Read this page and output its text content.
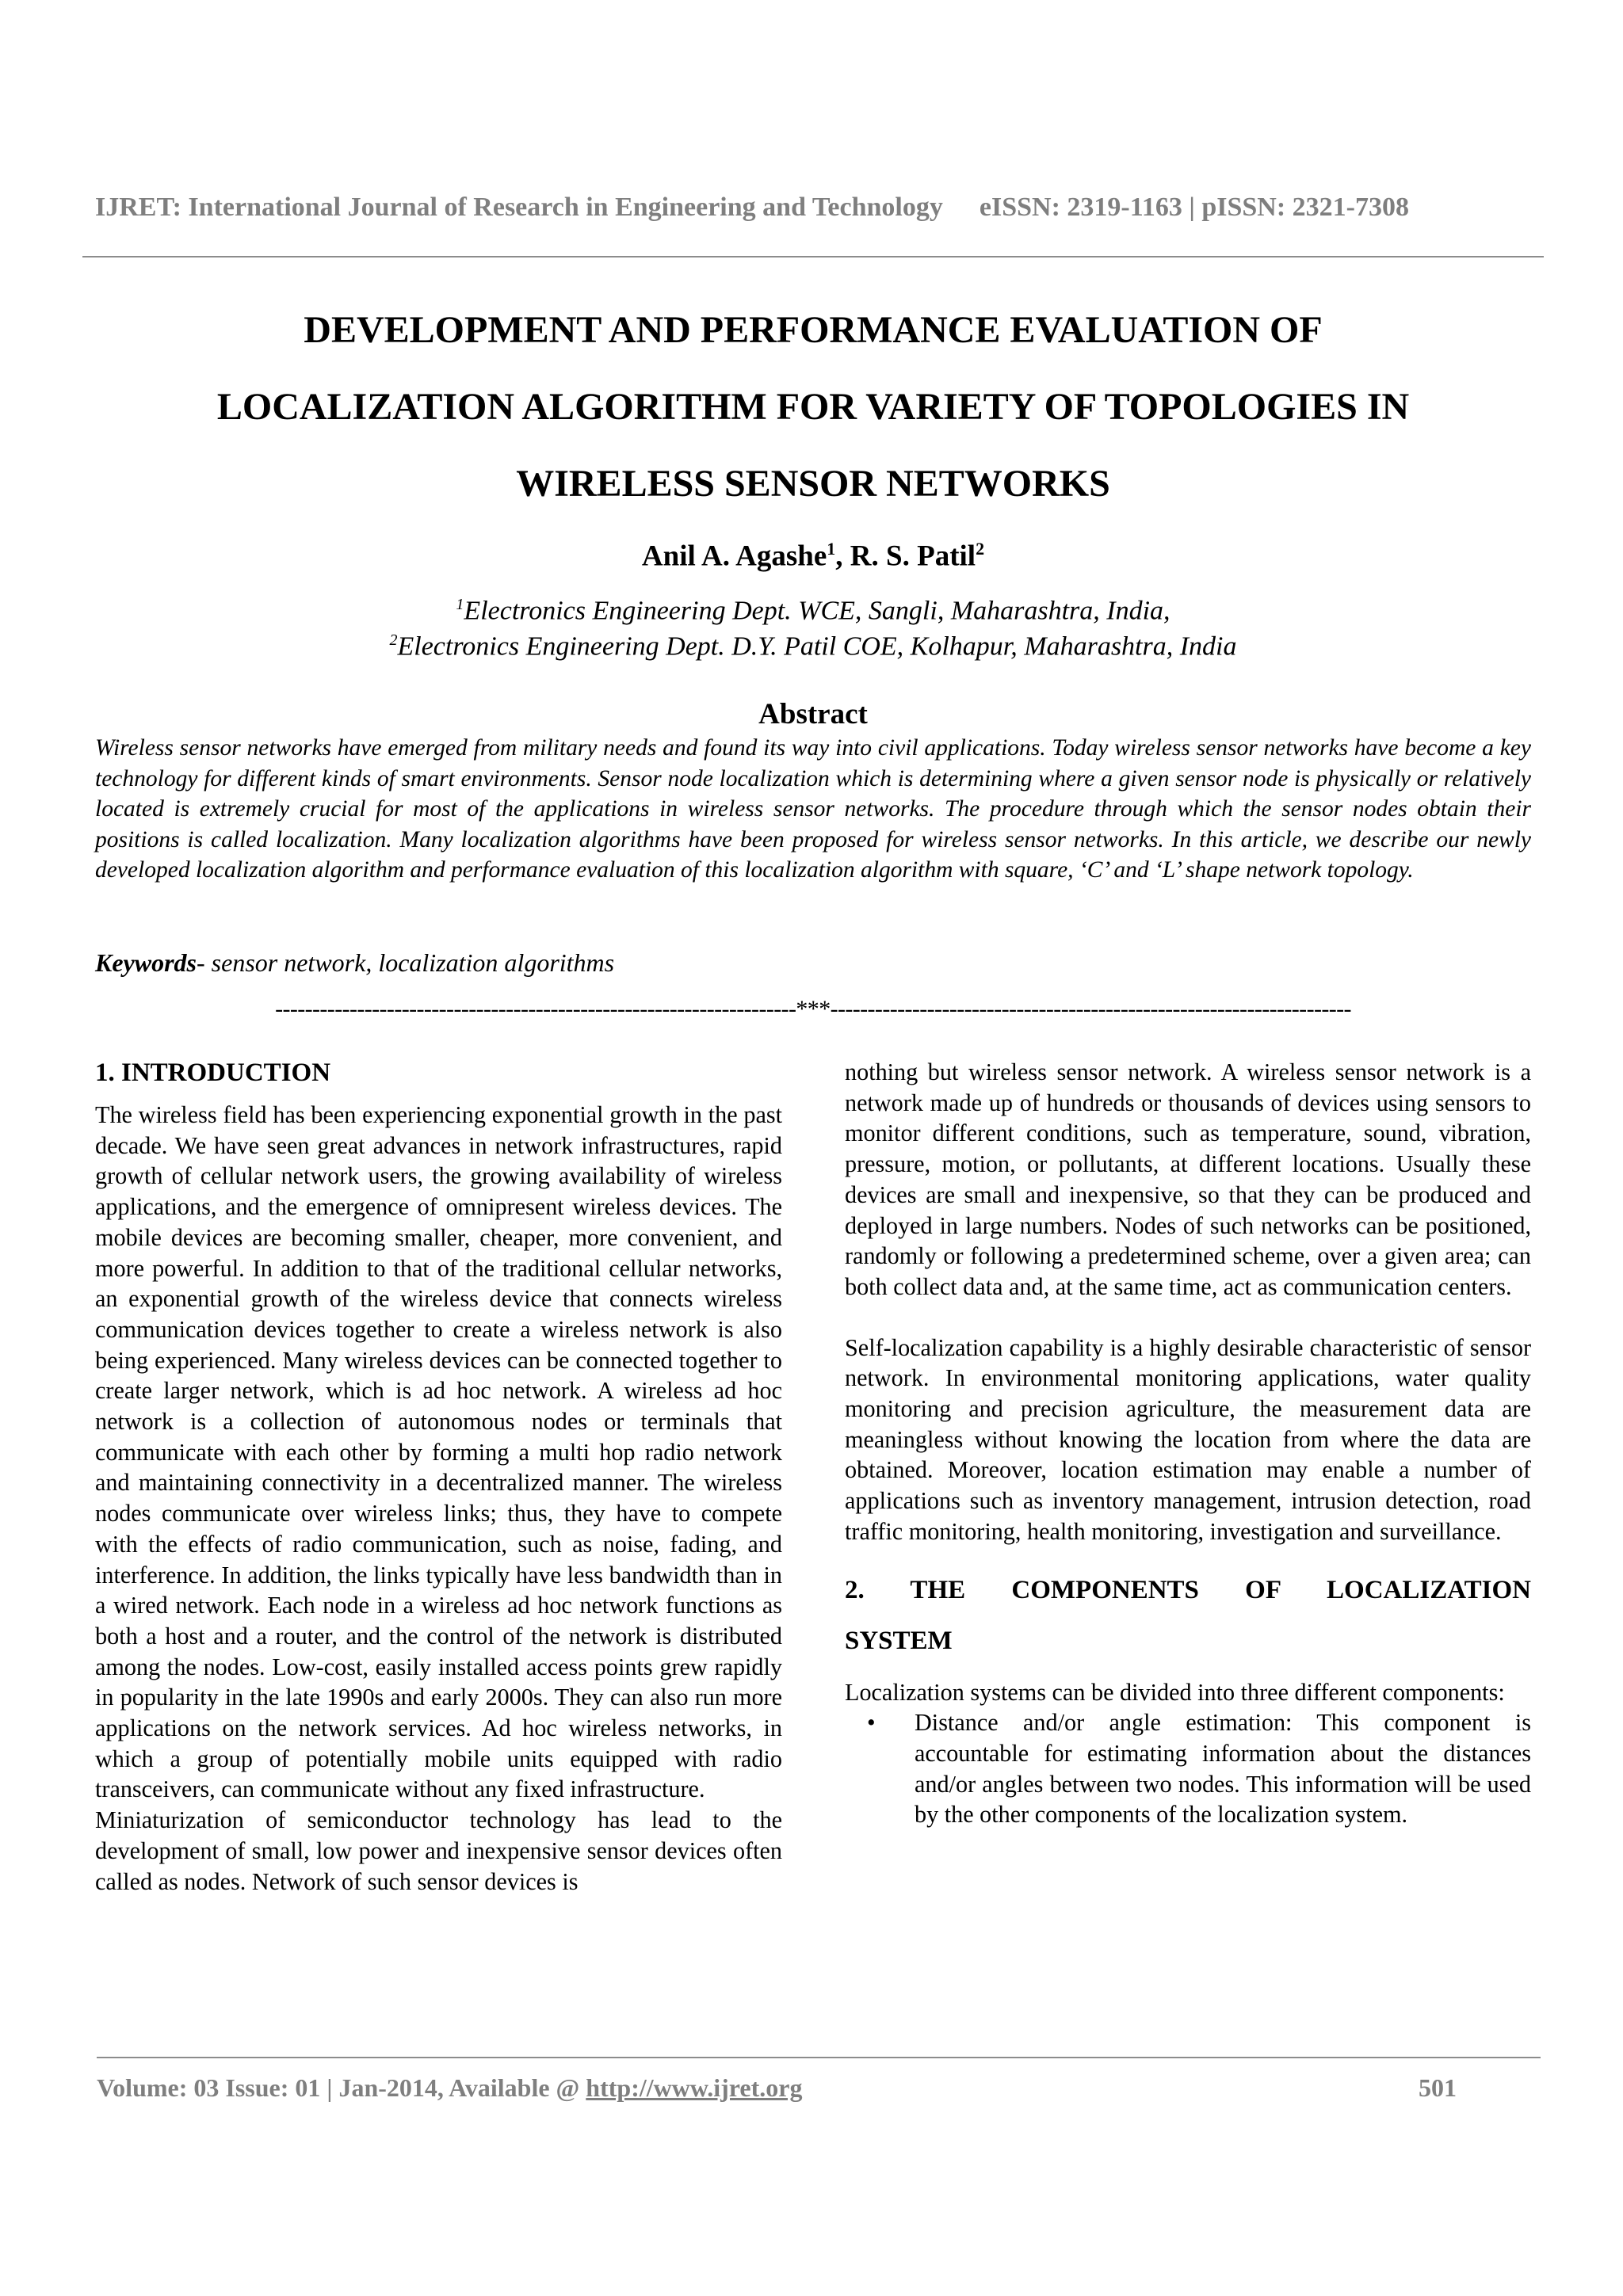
IJRET: International Journal of Research in Engineering and Technology eISSN: 2319-1163 | pISSN: 2321-7308
DEVELOPMENT AND PERFORMANCE EVALUATION OF
LOCALIZATION ALGORITHM FOR VARIETY OF TOPOLOGIES IN
WIRELESS SENSOR NETWORKS
Anil A. Agashe$^1$, R. S. Patil$^2$
$^1$Electronics Engineering Dept. WCE, Sangli, Maharashtra, India,
$^2$Electronics Engineering Dept. D.Y. Patil COE, Kolhapur, Maharashtra, India
Abstract
Wireless sensor networks have emerged from military needs and found its way into civil applications. Today wireless sensor networks have become a key technology for different kinds of smart environments. Sensor node localization which is determining where a given sensor node is physically or relatively located is extremely crucial for most of the applications in wireless sensor networks. The procedure through which the sensor nodes obtain their positions is called localization. Many localization algorithms have been proposed for wireless sensor networks. In this article, we describe our newly developed localization algorithm and performance evaluation of this localization algorithm with square, ‘C’ and ‘L’ shape network topology.
Keywords- sensor network, localization algorithms
----------------------------------------------------------------------***----------------------------------------------------------------------
1. INTRODUCTION

The wireless field has been experiencing exponential growth in the past decade. We have seen great advances in network infrastructures, rapid growth of cellular network users, the growing availability of wireless applications, and the emergence of omnipresent wireless devices. The mobile devices are becoming smaller, cheaper, more convenient, and more powerful. In addition to that of the traditional cellular networks, an exponential growth of the wireless device that connects wireless communication devices together to create a wireless network is also being experienced. Many wireless devices can be connected together to create larger network, which is ad hoc network. A wireless ad hoc network is a collection of autonomous nodes or terminals that communicate with each other by forming a multi hop radio network and maintaining connectivity in a decentralized manner. The wireless nodes communicate over wireless links; thus, they have to compete with the effects of radio communication, such as noise, fading, and interference. In addition, the links typically have less bandwidth than in a wired network. Each node in a wireless ad hoc network functions as both a host and a router, and the control of the network is distributed among the nodes. Low-cost, easily installed access points grew rapidly in popularity in the late 1990s and early 2000s. They can also run more applications on the network services. Ad hoc wireless networks, in which a group of potentially mobile units equipped with radio transceivers, can communicate without any fixed infrastructure.

Miniaturization of semiconductor technology has lead to the development of small, low power and inexpensive sensor devices often called as nodes. Network of such sensor devices is

nothing but wireless sensor network. A wireless sensor network is a network made up of hundreds or thousands of devices using sensors to monitor different conditions, such as temperature, sound, vibration, pressure, motion, or pollutants, at different locations. Usually these devices are small and inexpensive, so that they can be produced and deployed in large numbers. Nodes of such networks can be positioned, randomly or following a predetermined scheme, over a given area; can both collect data and, at the same time, act as communication centers.

Self-localization capability is a highly desirable characteristic of sensor network. In environmental monitoring applications, water quality monitoring and precision agriculture, the measurement data are meaningless without knowing the location from where the data are obtained. Moreover, location estimation may enable a number of applications such as inventory management, intrusion detection, road traffic monitoring, health monitoring, investigation and surveillance.

2. THE COMPONENTS OF LOCALIZATION
SYSTEM

Localization systems can be divided into three different components:

• Distance and/or angle estimation: This component is accountable for estimating information about the distances and/or angles between two nodes. This information will be used by the other components of the localization system.
Volume: 03 Issue: 01 | Jan-2014, Available @ http://www.ijret.org	501
